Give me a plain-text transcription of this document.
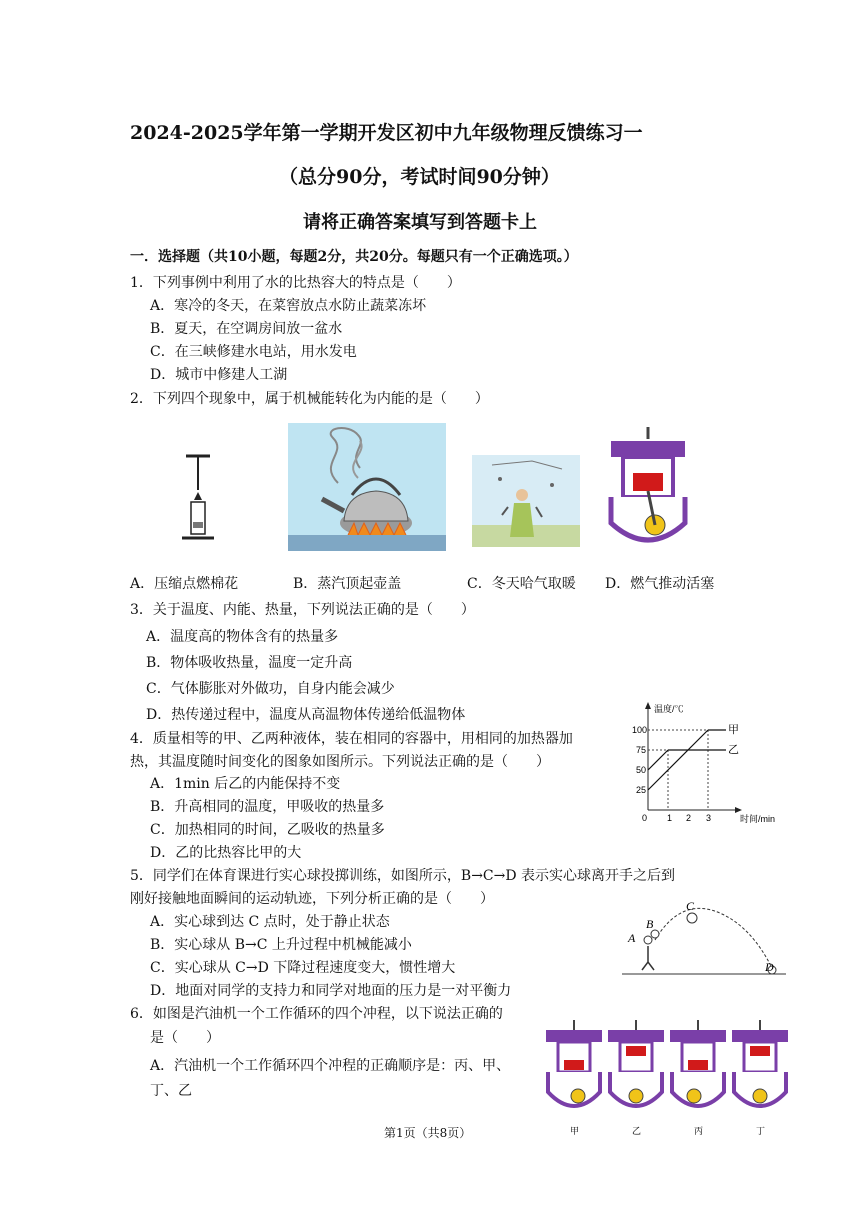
2024-2025学年第一学期开发区初中九年级物理反馈练习一
（总分90分，考试时间90分钟）
请将正确答案填写到答题卡上
一．选择题（共10小题，每题2分，共20分。每题只有一个正确选项。）
1．下列事例中利用了水的比热容大的特点是（　　）
A．寒冷的冬天，在菜窖放点水防止蔬菜冻坏
B．夏天，在空调房间放一盆水
C．在三峡修建水电站，用水发电
D．城市中修建人工湖
2．下列四个现象中，属于机械能转化为内能的是（　　）
A．压缩点燃棉花	B．蒸汽顶起壶盖	C．冬天哈气取暖 D．燃气推动活塞
3．关于温度、内能、热量，下列说法正确的是（　　）
A．温度高的物体含有的热量多
B．物体吸收热量，温度一定升高
C．气体膨胀对外做功，自身内能会减少
D．热传递过程中，温度从高温物体传递给低温物体
4．质量相等的甲、乙两种液体，装在相同的容器中，用相同的加热器加
热，其温度随时间变化的图象如图所示。下列说法正确的是（　　）
A．1min 后乙的内能保持不变
B．升高相同的温度，甲吸收的热量多
C．加热相同的时间，乙吸收的热量多
D．乙的比热容比甲的大
温度/℃
时间/min
100
75
50
25
0 1 2 3
甲
乙
5．同学们在体育课进行实心球投掷训练，如图所示，B→C→D 表示实心球离开手之后到
刚好接触地面瞬间的运动轨迹，下列分析正确的是（　　）
A．实心球到达 C 点时，处于静止状态
B．实心球从 B→C 上升过程中机械能减小
C．实心球从 C→D 下降过程速度变大，惯性增大
D．地面对同学的支持力和同学对地面的压力是一对平衡力
A
B
C
D
6．如图是汽油机一个工作循环的四个冲程，以下说法正确的
是（　　）
A．汽油机一个工作循环四个冲程的正确顺序是：丙、甲、
丁、乙
甲	乙	丙	丁
第1页（共8页）
